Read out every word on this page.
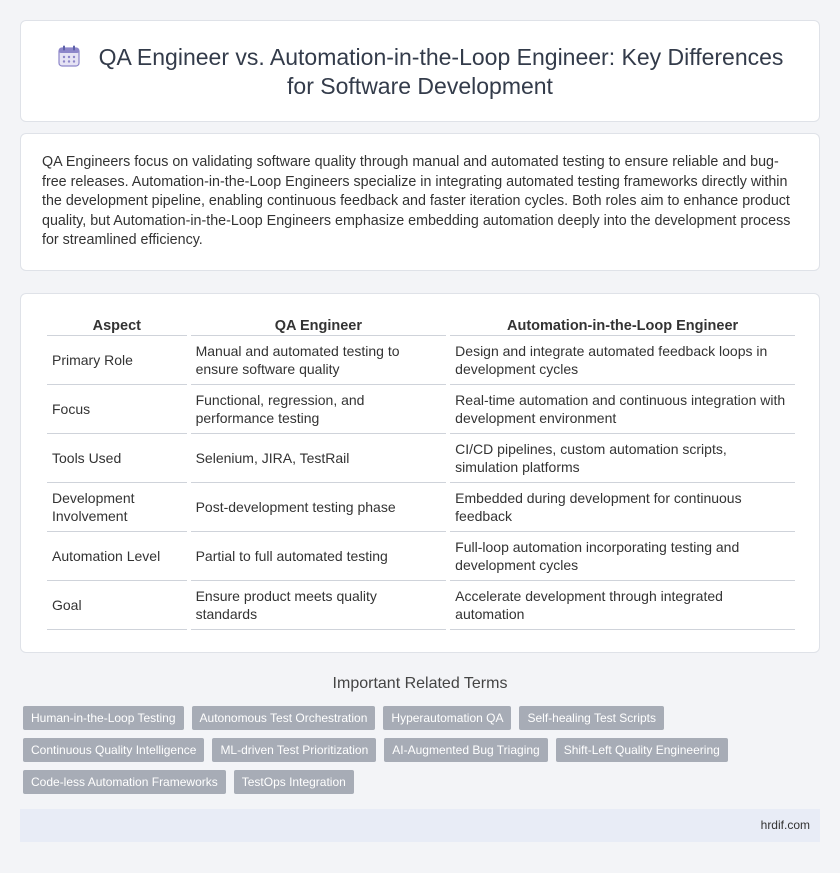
QA Engineer vs. Automation-in-the-Loop Engineer: Key Differences for Software Development

QA Engineers focus on validating software quality through manual and automated testing to ensure reliable and bug-free releases. Automation-in-the-Loop Engineers specialize in integrating automated testing frameworks directly within the development pipeline, enabling continuous feedback and faster iteration cycles. Both roles aim to enhance product quality, but Automation-in-the-Loop Engineers emphasize embedding automation deeply into the development process for streamlined efficiency.

Aspect	QA Engineer	Automation-in-the-Loop Engineer
Primary Role	Manual and automated testing to ensure software quality	Design and integrate automated feedback loops in development cycles
Focus	Functional, regression, and performance testing	Real-time automation and continuous integration with development environment
Tools Used	Selenium, JIRA, TestRail	CI/CD pipelines, custom automation scripts, simulation platforms
Development Involvement	Post-development testing phase	Embedded during development for continuous feedback
Automation Level	Partial to full automated testing	Full-loop automation incorporating testing and development cycles
Goal	Ensure product meets quality standards	Accelerate development through integrated automation
Important Related Terms
Human-in-the-Loop Testing	Autonomous Test Orchestration	Hyperautomation QA	Self-healing Test Scripts
Continuous Quality Intelligence	ML-driven Test Prioritization	AI-Augmented Bug Triaging	Shift-Left Quality Engineering
Code-less Automation Frameworks	TestOps Integration
hrdif.com
